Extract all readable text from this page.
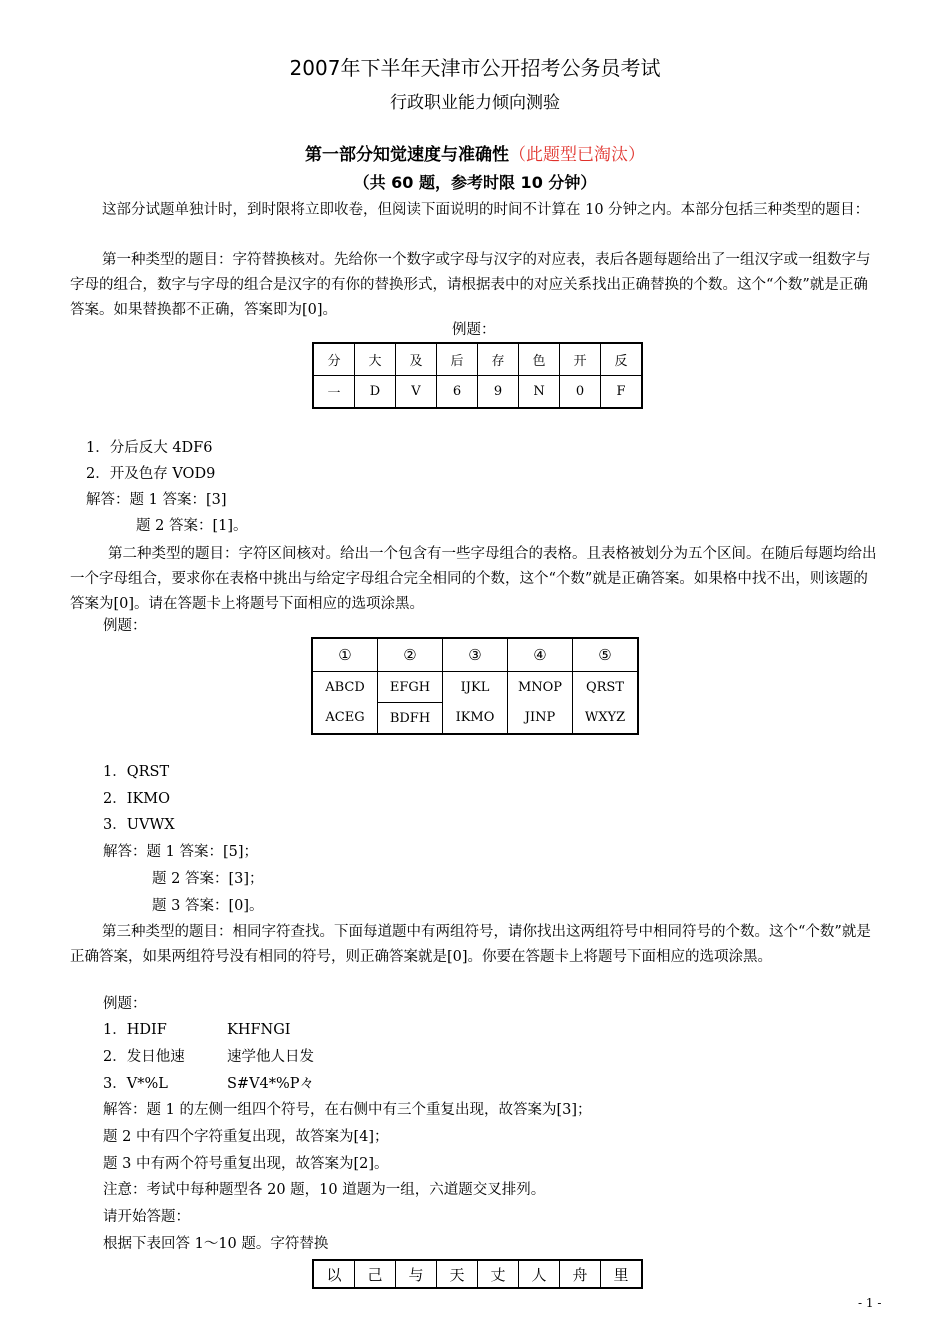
2007年下半年天津市公开招考公务员考试
行政职业能力倾向测验
第一部分知觉速度与准确性（此题型已淘汰）
（共 60 题，参考时限 10 分钟）
这部分试题单独计时，到时限将立即收卷，但阅读下面说明的时间不计算在 10 分钟之内。本部分包括三种类型的题目：
第一种类型的题目：字符替换核对。先给你一个数字或字母与汉字的对应表，表后各题每题给出了一组汉字或一组数字与字母的组合，数字与字母的组合是汉字的有你的替换形式，请根据表中的对应关系找出正确替换的个数。这个“个数”就是正确答案。如果替换都不正确，答案即为[0]。
例题：
分	大	及	后	存	色	开	反
一	D	V	6	9	N	0	F
1．分后反大 4DF6
2．开及色存 VOD9
解答：题 1 答案：[3]
题 2 答案：[1]。
第二种类型的题目：字符区间核对。给出一个包含有一些字母组合的表格。且表格被划分为五个区间。在随后每题均给出一个字母组合，要求你在表格中挑出与给定字母组合完全相同的个数，这个“个数”就是正确答案。如果格中找不出，则该题的答案为[0]。请在答题卡上将题号下面相应的选项涂黑。
例题：
①	②	③	④	⑤
ABCD	EFGH	IJKL	MNOP	QRST
ACEG	BDFH	IKMO	JINP	WXYZ
1．QRST
2．IKMO
3．UVWX
解答：题 1 答案：[5]；
题 2 答案：[3]；
题 3 答案：[0]。
第三种类型的题目：相同字符查找。下面每道题中有两组符号，请你找出这两组符号中相同符号的个数。这个“个数”就是正确答案，如果两组符号没有相同的符号，则正确答案就是[0]。你要在答题卡上将题号下面相应的选项涂黑。
例题：
1．HDIF	KHFNGI
2．发日他速	速学他人日发
3．V*%L	S#V4*%P々
解答：题 1 的左侧一组四个符号，在右侧中有三个重复出现，故答案为[3]；
题 2 中有四个字符重复出现，故答案为[4]；
题 3 中有两个符号重复出现，故答案为[2]。
注意：考试中每种题型各 20 题，10 道题为一组，六道题交叉排列。
请开始答题：
根据下表回答 1～10 题。字符替换
以	己	与	天	丈	人	舟	里
- 1 -
